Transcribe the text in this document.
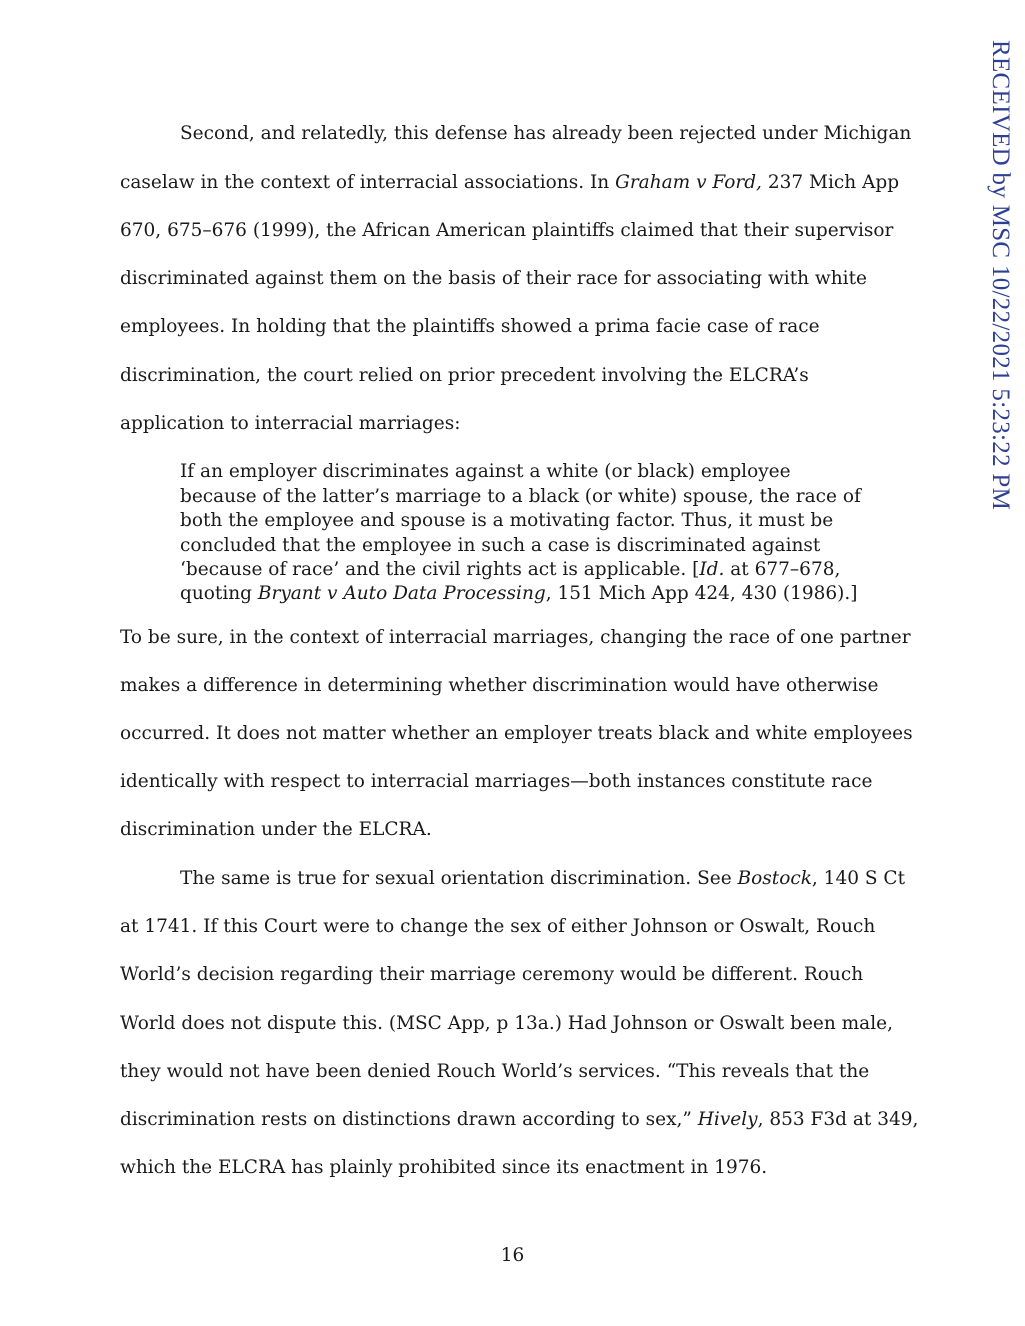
RECEIVED by MSC 10/22/2021 5:23:22 PM
Second, and relatedly, this defense has already been rejected under Michigan
caselaw in the context of interracial associations. In Graham v Ford, 237 Mich App
670, 675–676 (1999), the African American plaintiffs claimed that their supervisor
discriminated against them on the basis of their race for associating with white
employees. In holding that the plaintiffs showed a prima facie case of race
discrimination, the court relied on prior precedent involving the ELCRA’s
application to interracial marriages:
If an employer discriminates against a white (or black) employee
because of the latter’s marriage to a black (or white) spouse, the race of
both the employee and spouse is a motivating factor. Thus, it must be
concluded that the employee in such a case is discriminated against
‘because of race’ and the civil rights act is applicable. [Id. at 677–678,
quoting Bryant v Auto Data Processing, 151 Mich App 424, 430 (1986).]
To be sure, in the context of interracial marriages, changing the race of one partner
makes a difference in determining whether discrimination would have otherwise
occurred. It does not matter whether an employer treats black and white employees
identically with respect to interracial marriages—both instances constitute race
discrimination under the ELCRA.
The same is true for sexual orientation discrimination. See Bostock, 140 S Ct
at 1741. If this Court were to change the sex of either Johnson or Oswalt, Rouch
World’s decision regarding their marriage ceremony would be different. Rouch
World does not dispute this. (MSC App, p 13a.) Had Johnson or Oswalt been male,
they would not have been denied Rouch World’s services. “This reveals that the
discrimination rests on distinctions drawn according to sex,” Hively, 853 F3d at 349,
which the ELCRA has plainly prohibited since its enactment in 1976.
16
